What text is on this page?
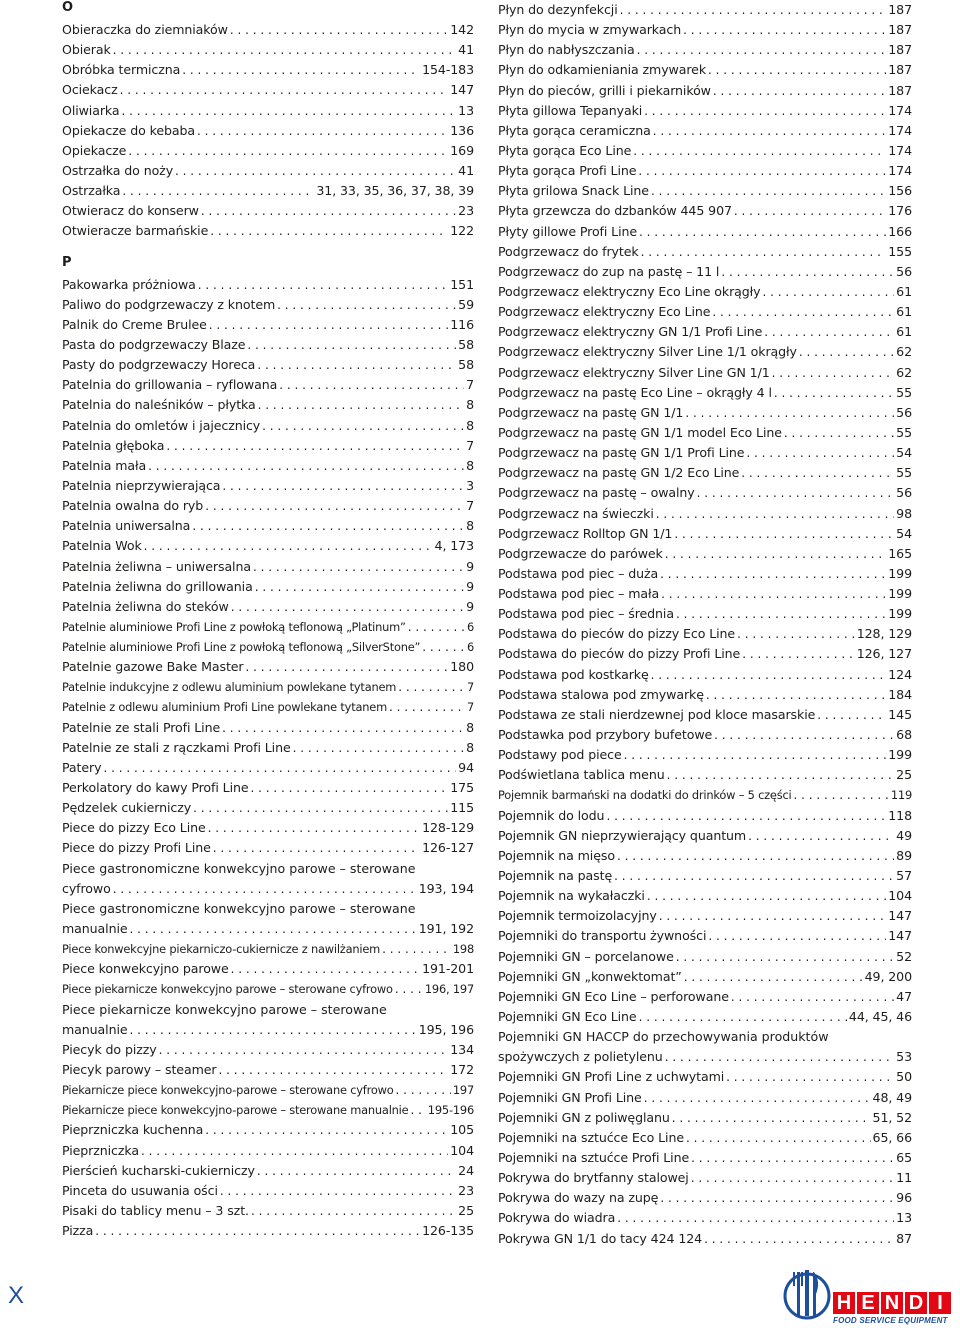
O
Obieraczka do ziemniaków . . .	142
Obierak . . .	41
Obróbka termiczna . . .	154-183
Ociekacz . . .	147
Oliwiarka . . .	13
Opiekacze do kebaba . . .	136
Opiekacze . . .	169
Ostrzałka do noży . . .	41
Ostrzałka . . .	31, 33, 35, 36, 37, 38, 39
Otwieracz do konserw . . .	23
Otwieracze barmańskie . . .	122
P
Pakowarka próżniowa . . .	151
Paliwo do podgrzewaczy z knotem . . .	59
Palnik do Creme Brulee . . .	116
Pasta do podgrzewaczy Blaze . . .	58
Pasty do podgrzewaczy Horeca . . .	58
Patelnia do grillowania – ryflowana . . .	7
Patelnia do naleśników – płytka . . .	8
Patelnia do omletów i jajecznicy . . .	8
Patelnia głęboka . . .	7
Patelnia mała . . .	8
Patelnia nieprzywierająca . . .	3
Patelnia owalna do ryb . . .	7
Patelnia uniwersalna . . .	8
Patelnia Wok . . .	4, 173
Patelnia żeliwna – uniwersalna . . .	9
Patelnia żeliwna do grillowania . . .	9
Patelnia żeliwna do steków . . .	9
Patelnie aluminiowe Profi Line z powłoką teflonową „Platinum” . . .	6
Patelnie aluminiowe Profi Line z powłoką teflonową „SilverStone” . . .	6
Patelnie gazowe Bake Master . . .	180
Patelnie indukcyjne z odlewu aluminium powlekane tytanem . . .	7
Patelnie z odlewu aluminium Profi Line powlekane tytanem . . .	7
Patelnie ze stali Profi Line . . .	8
Patelnie ze stali z rączkami Profi Line . . .	8
Patery . . .	94
Perkolatory do kawy Profi Line . . .	175
Pędzelek cukierniczy . . .	115
Piece do pizzy Eco Line . . .	128-129
Piece do pizzy Profi Line . . .	126-127
Piece gastronomiczne konwekcyjno parowe – sterowane
cyfrowo . . .	193, 194
Piece gastronomiczne konwekcyjno parowe – sterowane
manualnie . . .	191, 192
Piece konwekcyjne piekarniczo-cukiernicze z nawilżaniem . . .	198
Piece konwekcyjno parowe . . .	191-201
Piece piekarnicze konwekcyjno parowe – sterowane cyfrowo . . .	196, 197
Piece piekarnicze konwekcyjno parowe – sterowane
manualnie . . .	195, 196
Piecyk do pizzy . . .	134
Piecyk parowy – steamer . . .	172
Piekarnicze piece konwekcyjno-parowe – sterowane cyfrowo . . .	197
Piekarnicze piece konwekcyjno-parowe – sterowane manualnie . . . 195-196
Pieprzniczka kuchenna . . .	105
Pieprzniczka . . .	104
Pierścień kucharski-cukierniczy . . .	24
Pinceta do usuwania ości . . .	23
Pisaki do tablicy menu – 3 szt. . . .	25
Pizza . . .	126-135
Płyn do dezynfekcji . . .	187
Płyn do mycia w zmywarkach . . .	187
Płyn do nabłyszczania . . .	187
Płyn do odkamieniania zmywarek . . .	187
Płyn do pieców, grilli i piekarników . . .	187
Płyta gillowa Tepanyaki . . .	174
Płyta gorąca ceramiczna . . .	174
Płyta gorąca Eco Line . . .	174
Płyta gorąca Profi Line . . .	174
Płyta grilowa Snack Line . . .	156
Płyta grzewcza do dzbanków 445 907 . . .	176
Płyty gillowe Profi Line . . .	166
Podgrzewacz do frytek . . .	155
Podgrzewacz do zup na pastę – 11 l . . .	56
Podgrzewacz elektryczny Eco Line okrągły . . .	61
Podgrzewacz elektryczny Eco Line . . .	61
Podgrzewacz elektryczny GN 1/1 Profi Line . . .	61
Podgrzewacz elektryczny Silver Line 1/1 okrągły . . .	62
Podgrzewacz elektryczny Silver Line GN 1/1 . . .	62
Podgrzewacz na pastę Eco Line – okrągły 4 l . . .	55
Podgrzewacz na pastę GN 1/1 . . .	56
Podgrzewacz na pastę GN 1/1 model Eco Line . . .	55
Podgrzewacz na pastę GN 1/1 Profi Line . . .	54
Podgrzewacz na pastę GN 1/2 Eco Line . . .	55
Podgrzewacz na pastę – owalny . . .	56
Podgrzewacz na świeczki . . .	98
Podgrzewacz Rolltop GN 1/1 . . .	54
Podgrzewacze do parówek . . .	165
Podstawa pod piec – duża . . .	199
Podstawa pod piec – mała . . .	199
Podstawa pod piec – średnia . . .	199
Podstawa do pieców do pizzy Eco Line . . .	128, 129
Podstawa do pieców do pizzy Profi Line . . .	126, 127
Podstawa pod kostkarkę . . .	124
Podstawa stalowa pod zmywarkę . . .	184
Podstawa ze stali nierdzewnej pod kloce masarskie . . .	145
Podstawka pod przybory bufetowe . . .	68
Podstawy pod piece . . .	199
Podświetlana tablica menu . . .	25
Pojemnik barmański na dodatki do drinków – 5 części . . .	119
Pojemnik do lodu . . .	118
Pojemnik GN nieprzywierający quantum . . .	49
Pojemnik na mięso . . .	89
Pojemnik na pastę . . .	57
Pojemnik na wykałaczki . . .	104
Pojemnik termoizolacyjny . . .	147
Pojemniki do transportu żywności . . .	147
Pojemniki GN – porcelanowe . . .	52
Pojemniki GN „konwektomat” . . .	49, 200
Pojemniki GN Eco Line – perforowane . . .	47
Pojemniki GN Eco Line . . .	44, 45, 46
Pojemniki GN HACCP do przechowywania produktów
spożywczych z polietylenu . . .	53
Pojemniki GN Profi Line z uchwytami . . .	50
Pojemniki GN Profi Line . . .	48, 49
Pojemniki GN z poliwęglanu . . .	51, 52
Pojemniki na sztućce Eco Line . . .	65, 66
Pojemniki na sztućce Profi Line . . .	65
Pokrywa do brytfanny stalowej . . .	11
Pokrywa do wazy na zupę . . .	96
Pokrywa do wiadra . . .	13
Pokrywa GN 1/1 do tacy 424 124 . . .	87
X	H E N D I
FOOD SERVICE EQUIPMENT
